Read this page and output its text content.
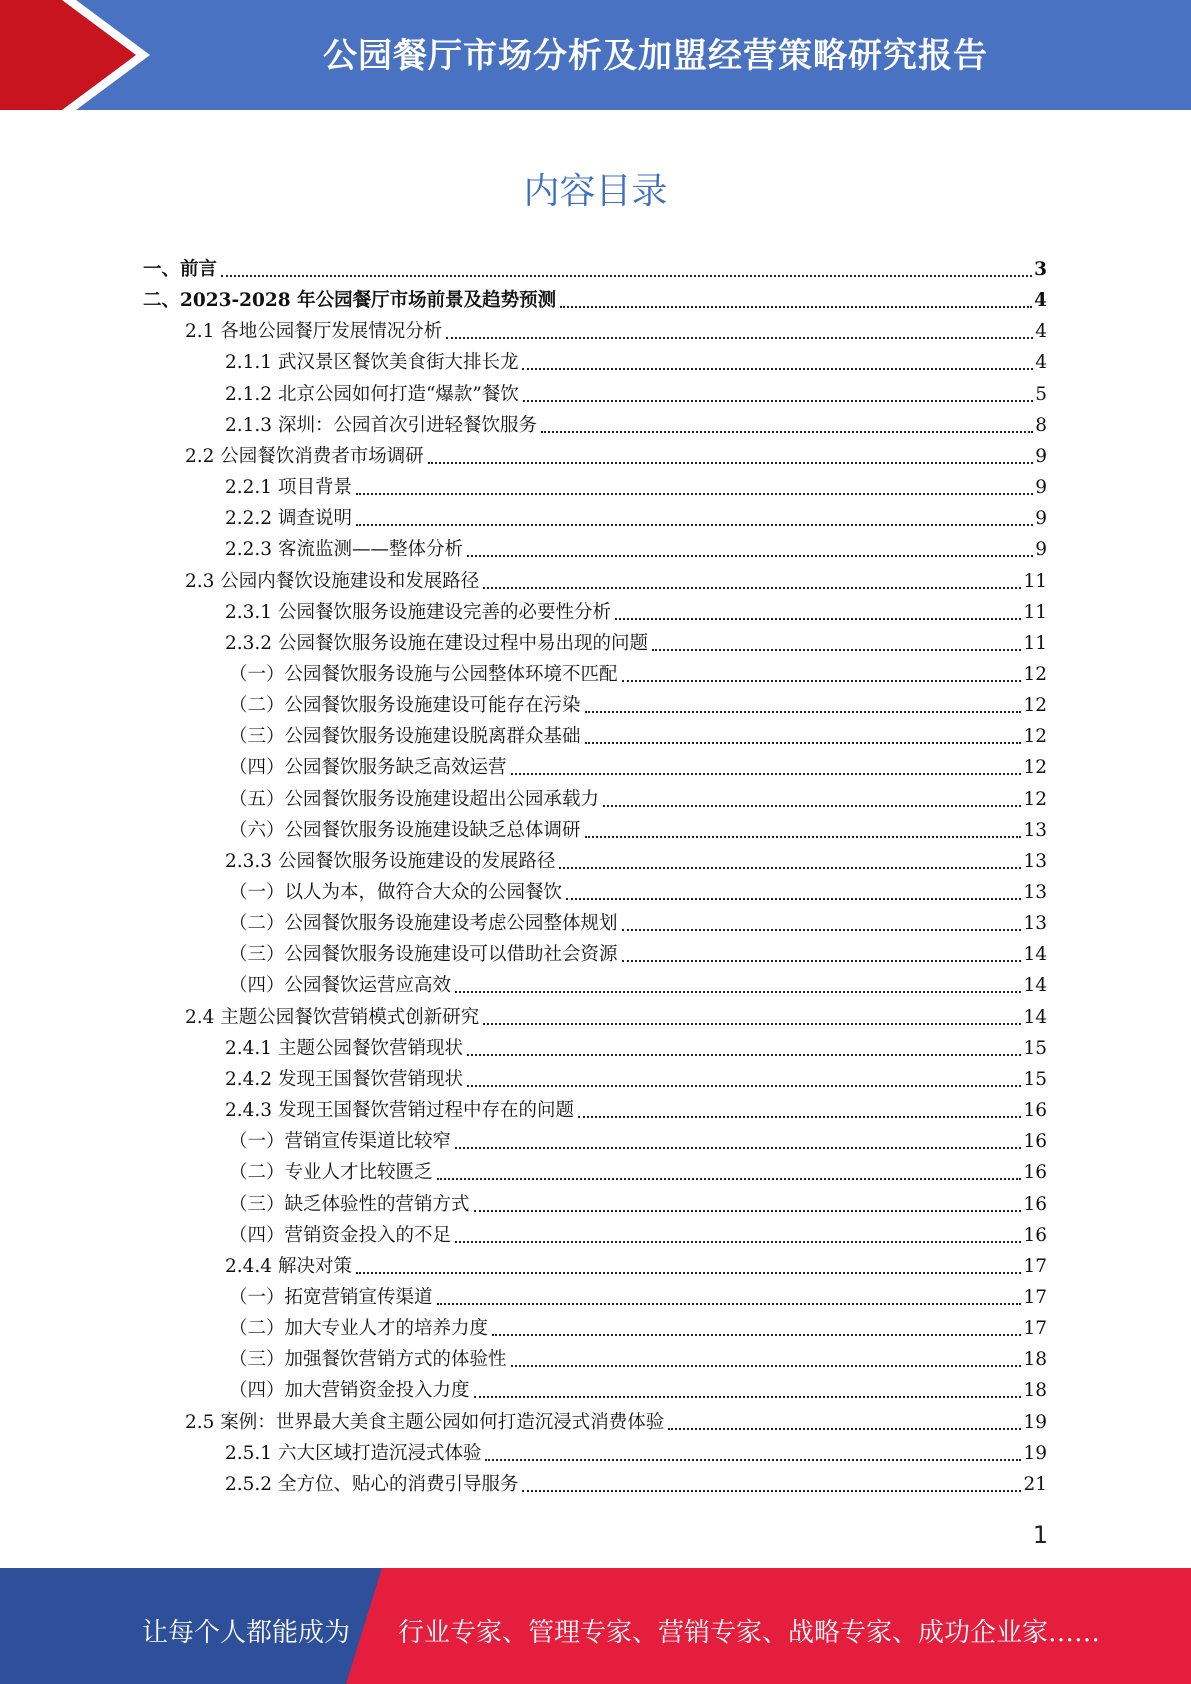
公园餐厅市场分析及加盟经营策略研究报告
内容目录
一、前言	3
二、2023-2028 年公园餐厅市场前景及趋势预测	4
2.1 各地公园餐厅发展情况分析	4
2.1.1 武汉景区餐饮美食街大排长龙	4
2.1.2 北京公园如何打造“爆款”餐饮	5
2.1.3 深圳：公园首次引进轻餐饮服务	8
2.2 公园餐饮消费者市场调研	9
2.2.1 项目背景	9
2.2.2 调查说明	9
2.2.3 客流监测——整体分析	9
2.3 公园内餐饮设施建设和发展路径	11
2.3.1 公园餐饮服务设施建设完善的必要性分析	11
2.3.2 公园餐饮服务设施在建设过程中易出现的问题	11
（一）公园餐饮服务设施与公园整体环境不匹配	12
（二）公园餐饮服务设施建设可能存在污染	12
（三）公园餐饮服务设施建设脱离群众基础	12
（四）公园餐饮服务缺乏高效运营	12
（五）公园餐饮服务设施建设超出公园承载力	12
（六）公园餐饮服务设施建设缺乏总体调研	13
2.3.3 公园餐饮服务设施建设的发展路径	13
（一）以人为本，做符合大众的公园餐饮	13
（二）公园餐饮服务设施建设考虑公园整体规划	13
（三）公园餐饮服务设施建设可以借助社会资源	14
（四）公园餐饮运营应高效	14
2.4 主题公园餐饮营销模式创新研究	14
2.4.1 主题公园餐饮营销现状	15
2.4.2 发现王国餐饮营销现状	15
2.4.3 发现王国餐饮营销过程中存在的问题	16
（一）营销宣传渠道比较窄	16
（二）专业人才比较匮乏	16
（三）缺乏体验性的营销方式	16
（四）营销资金投入的不足	16
2.4.4 解决对策	17
（一）拓宽营销宣传渠道	17
（二）加大专业人才的培养力度	17
（三）加强餐饮营销方式的体验性	18
（四）加大营销资金投入力度	18
2.5 案例：世界最大美食主题公园如何打造沉浸式消费体验	19
2.5.1 六大区域打造沉浸式体验	19
2.5.2 全方位、贴心的消费引导服务	21
1
让每个人都能成为 行业专家、管理专家、营销专家、战略专家、成功企业家……
